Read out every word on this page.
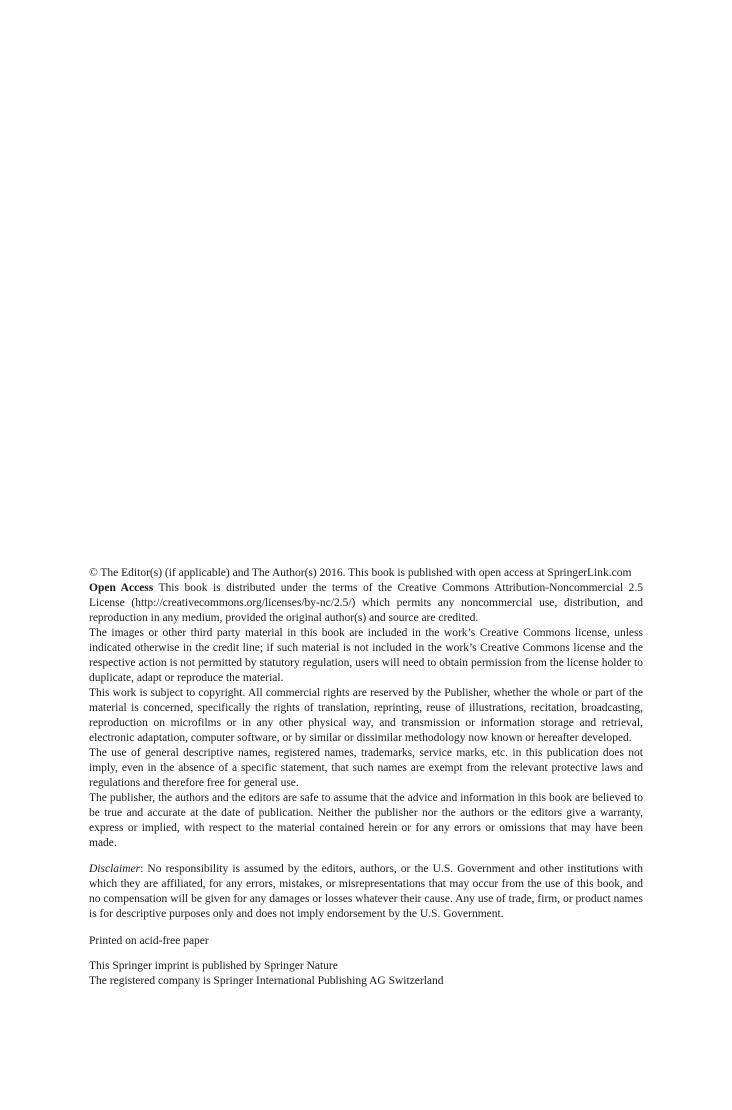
© The Editor(s) (if applicable) and The Author(s) 2016. This book is published with open access at SpringerLink.com

Open Access This book is distributed under the terms of the Creative Commons Attribution-Noncommercial 2.5 License (http://creativecommons.org/licenses/by-nc/2.5/) which permits any noncommercial use, distribution, and reproduction in any medium, provided the original author(s) and source are credited.

The images or other third party material in this book are included in the work’s Creative Commons license, unless indicated otherwise in the credit line; if such material is not included in the work’s Creative Commons license and the respective action is not permitted by statutory regulation, users will need to obtain permission from the license holder to duplicate, adapt or reproduce the material.

This work is subject to copyright. All commercial rights are reserved by the Publisher, whether the whole or part of the material is concerned, specifically the rights of translation, reprinting, reuse of illustrations, recitation, broadcasting, reproduction on microfilms or in any other physical way, and transmission or information storage and retrieval, electronic adaptation, computer software, or by similar or dissimilar methodology now known or hereafter developed.

The use of general descriptive names, registered names, trademarks, service marks, etc. in this publication does not imply, even in the absence of a specific statement, that such names are exempt from the relevant protective laws and regulations and therefore free for general use.

The publisher, the authors and the editors are safe to assume that the advice and information in this book are believed to be true and accurate at the date of publication. Neither the publisher nor the authors or the editors give a warranty, express or implied, with respect to the material contained herein or for any errors or omissions that may have been made.

Disclaimer: No responsibility is assumed by the editors, authors, or the U.S. Government and other institutions with which they are affiliated, for any errors, mistakes, or misrepresentations that may occur from the use of this book, and no compensation will be given for any damages or losses whatever their cause. Any use of trade, firm, or product names is for descriptive purposes only and does not imply endorsement by the U.S. Government.

Printed on acid-free paper

This Springer imprint is published by Springer Nature

The registered company is Springer International Publishing AG Switzerland
